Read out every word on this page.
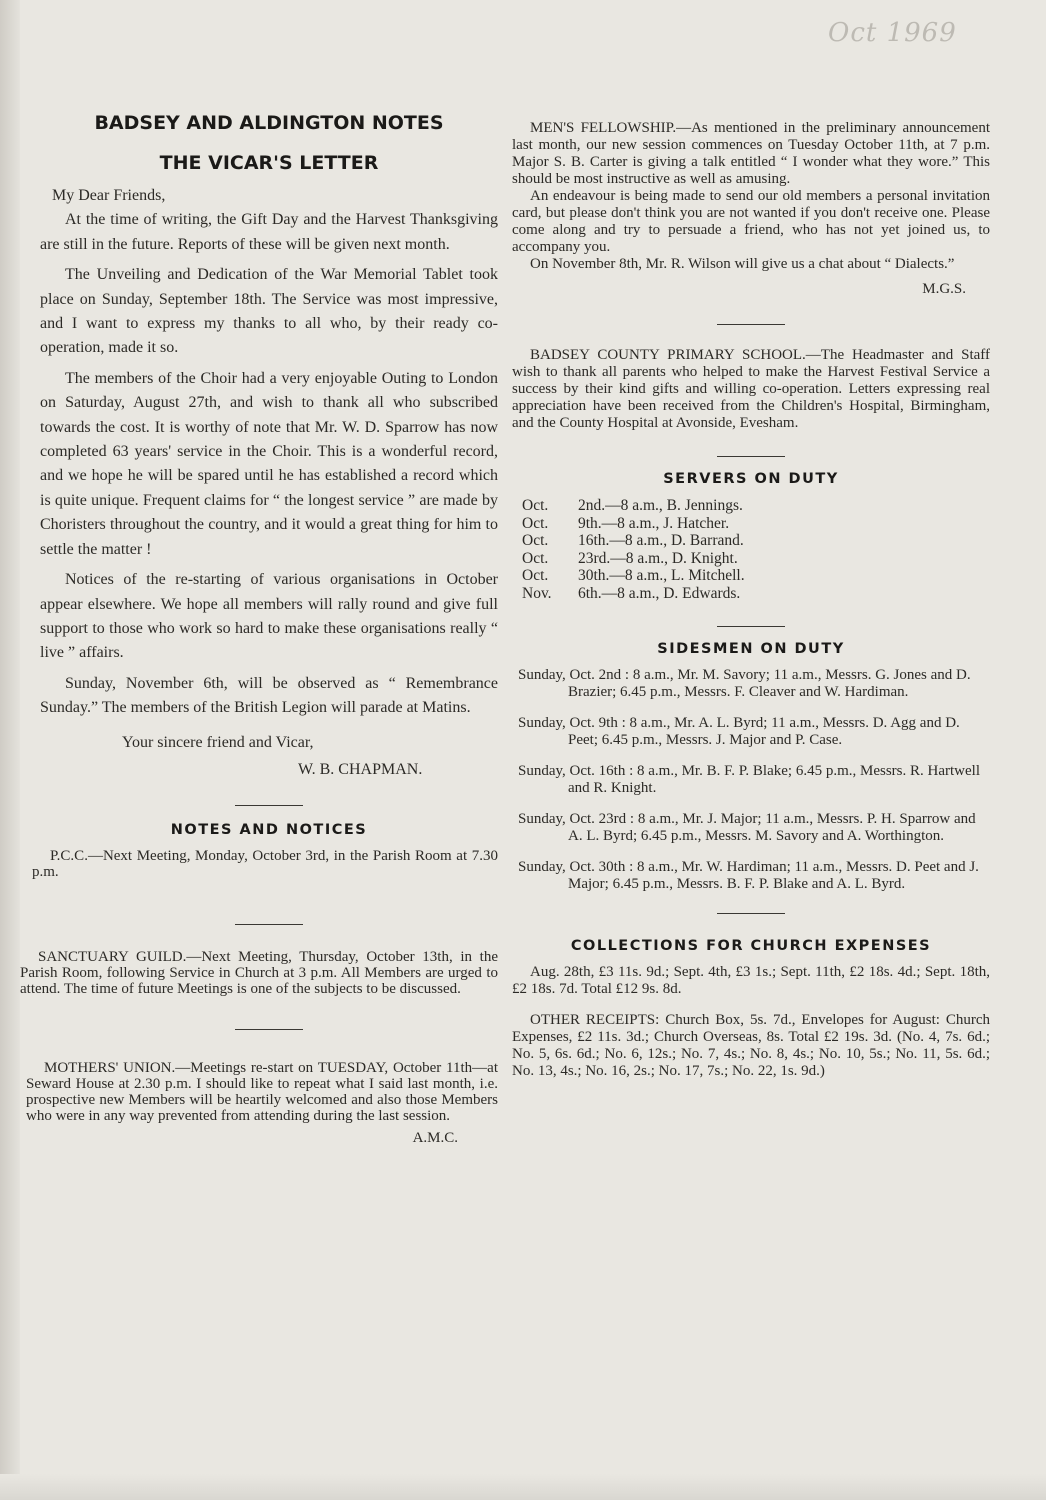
Oct 1969
BADSEY AND ALDINGTON NOTES
THE VICAR'S LETTER

My Dear Friends,

At the time of writing, the Gift Day and the Harvest Thanksgiving are still in the future. Reports of these will be given next month.

The Unveiling and Dedication of the War Memorial Tablet took place on Sunday, September 18th. The Service was most impressive, and I want to express my thanks to all who, by their ready co-operation, made it so.

The members of the Choir had a very enjoyable Outing to London on Saturday, August 27th, and wish to thank all who subscribed towards the cost. It is worthy of note that Mr. W. D. Sparrow has now completed 63 years' service in the Choir. This is a wonderful record, and we hope he will be spared until he has established a record which is quite unique. Frequent claims for “ the longest service ” are made by Choristers throughout the country, and it would a great thing for him to settle the matter !

Notices of the re-starting of various organisations in October appear elsewhere. We hope all members will rally round and give full support to those who work so hard to make these organisations really “ live ” affairs.

Sunday, November 6th, will be observed as “ Remembrance Sunday.” The members of the British Legion will parade at Matins.

Your sincere friend and Vicar,
W. B. CHAPMAN.
NOTES AND NOTICES

P.C.C.—Next Meeting, Monday, October 3rd, in the Parish Room at 7.30 p.m.

SANCTUARY GUILD.—Next Meeting, Thursday, October 13th, in the Parish Room, following Service in Church at 3 p.m. All Members are urged to attend. The time of future Meetings is one of the subjects to be discussed.

MOTHERS' UNION.—Meetings re-start on TUESDAY, October 11th—at Seward House at 2.30 p.m. I should like to repeat what I said last month, i.e. prospective new Members will be heartily welcomed and also those Members who were in any way prevented from attending during the last session.

A.M.C.

MEN'S FELLOWSHIP.—As mentioned in the preliminary announcement last month, our new session commences on Tuesday October 11th, at 7 p.m. Major S. B. Carter is giving a talk entitled “ I wonder what they wore.” This should be most instructive as well as amusing.

An endeavour is being made to send our old members a personal invitation card, but please don't think you are not wanted if you don't receive one. Please come along and try to persuade a friend, who has not yet joined us, to accompany you.

On November 8th, Mr. R. Wilson will give us a chat about “ Dialects.”

M.G.S.

BADSEY COUNTY PRIMARY SCHOOL.—The Headmaster and Staff wish to thank all parents who helped to make the Harvest Festival Service a success by their kind gifts and willing co-operation. Letters expressing real appreciation have been received from the Children's Hospital, Birmingham, and the County Hospital at Avonside, Evesham.

SERVERS ON DUTY
Oct.	2nd.—8 a.m., B. Jennings.
Oct.	9th.—8 a.m., J. Hatcher.
Oct.	16th.—8 a.m., D. Barrand.
Oct.	23rd.—8 a.m., D. Knight.
Oct.	30th.—8 a.m., L. Mitchell.
Nov.	6th.—8 a.m., D. Edwards.
SIDESMEN ON DUTY

Sunday, Oct. 2nd : 8 a.m., Mr. M. Savory; 11 a.m., Messrs. G. Jones and D. Brazier; 6.45 p.m., Messrs. F. Cleaver and W. Hardiman.

Sunday, Oct. 9th : 8 a.m., Mr. A. L. Byrd; 11 a.m., Messrs. D. Agg and D. Peet; 6.45 p.m., Messrs. J. Major and P. Case.

Sunday, Oct. 16th : 8 a.m., Mr. B. F. P. Blake; 6.45 p.m., Messrs. R. Hartwell and R. Knight.

Sunday, Oct. 23rd : 8 a.m., Mr. J. Major; 11 a.m., Messrs. P. H. Sparrow and A. L. Byrd; 6.45 p.m., Messrs. M. Savory and A. Worthington.

Sunday, Oct. 30th : 8 a.m., Mr. W. Hardiman; 11 a.m., Messrs. D. Peet and J. Major; 6.45 p.m., Messrs. B. F. P. Blake and A. L. Byrd.

COLLECTIONS FOR CHURCH EXPENSES

Aug. 28th, £3 11s. 9d.; Sept. 4th, £3 1s.; Sept. 11th, £2 18s. 4d.; Sept. 18th, £2 18s. 7d. Total £12 9s. 8d.

OTHER RECEIPTS: Church Box, 5s. 7d., Envelopes for August: Church Expenses, £2 11s. 3d.; Church Overseas, 8s. Total £2 19s. 3d. (No. 4, 7s. 6d.; No. 5, 6s. 6d.; No. 6, 12s.; No. 7, 4s.; No. 8, 4s.; No. 10, 5s.; No. 11, 5s. 6d.; No. 13, 4s.; No. 16, 2s.; No. 17, 7s.; No. 22, 1s. 9d.)
